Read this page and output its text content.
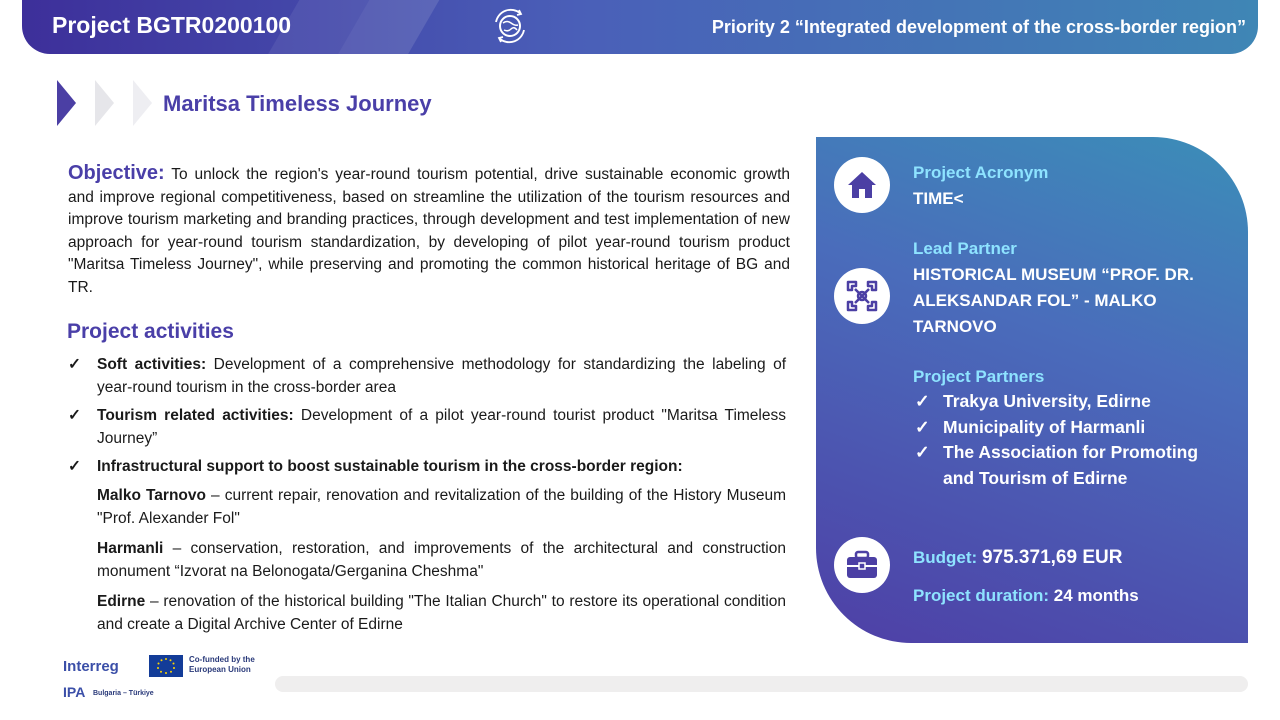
Project BGTR0200100	Priority 2 “Integrated development of the cross-border region”
Maritsa Timeless Journey
Objective: To unlock the region's year-round tourism potential, drive sustainable economic growth and improve regional competitiveness, based on streamline the utilization of the tourism resources and improve tourism marketing and branding practices, through development and test implementation of new approach for year-round tourism standardization, by developing of pilot year-round tourism product "Maritsa Timeless Journey", while preserving and promoting the common historical heritage of BG and TR.
Project activities
✓ Soft activities: Development of a comprehensive methodology for standardizing the labeling of year-round tourism in the cross-border area
✓ Tourism related activities: Development of a pilot year-round tourist product "Maritsa Timeless Journey”
✓ Infrastructural support to boost sustainable tourism in the cross-border region:
Malko Tarnovo – current repair, renovation and revitalization of the building of the History Museum "Prof. Alexander Fol"
Harmanli – conservation, restoration, and improvements of the architectural and construction monument “Izvorat na Belonogata/Gerganina Cheshma"
Edirne – renovation of the historical building "The Italian Church" to restore its operational condition and create a Digital Archive Center of Edirne
Project Acronym
TIME<
Lead Partner
HISTORICAL MUSEUM “PROF. DR. ALEKSANDAR FOL” - MALKO TARNOVO
Project Partners
✓ Trakya University, Edirne
✓ Municipality of Harmanli
✓ The Association for Promoting and Tourism of Edirne
Budget: 975.371,69 EUR
Project duration: 24 months
Interreg	Co-funded by the European Union
IPA Bulgaria – Türkiye
